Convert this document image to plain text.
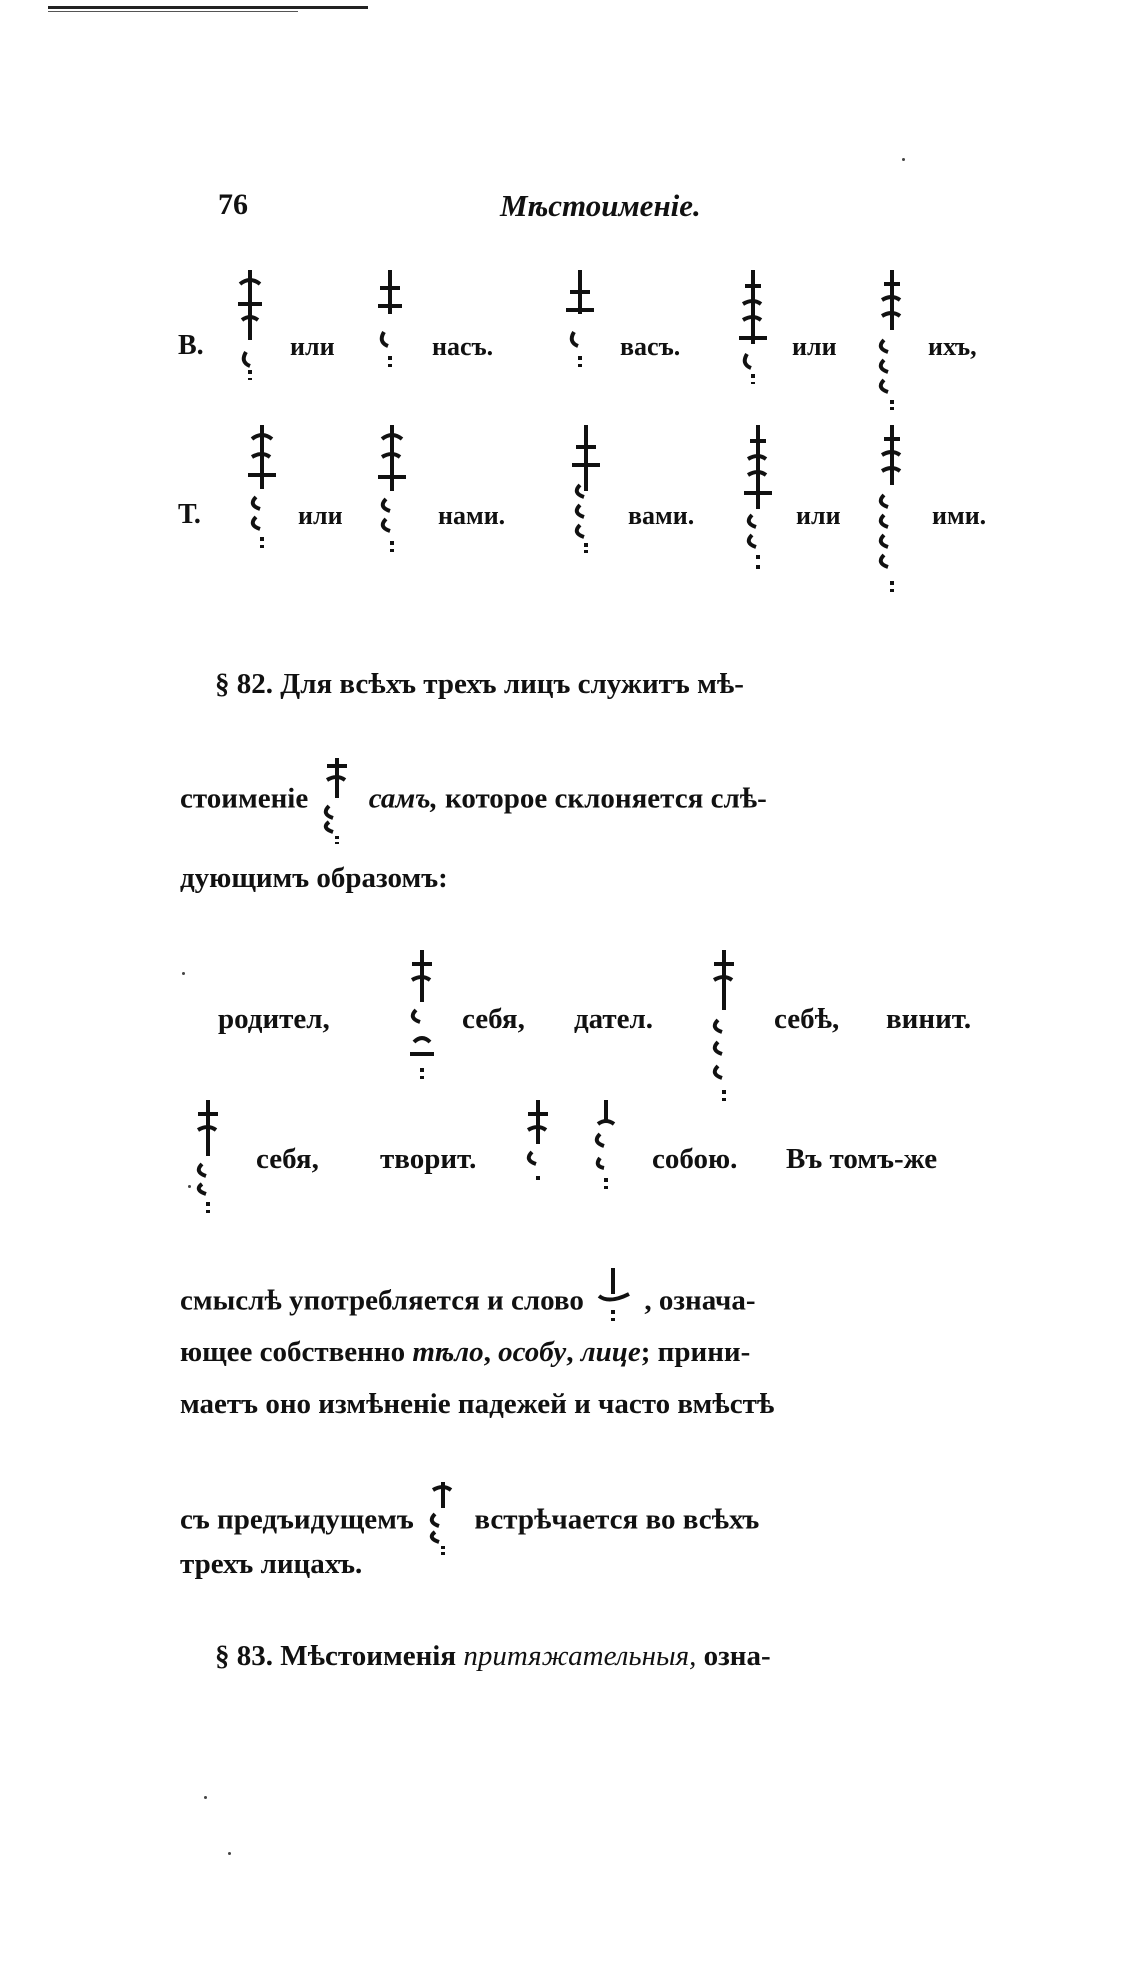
76	Мѣстоименіе.
В.	или	насъ.	васъ.	или	ихъ,
Т.	или	нами.	вами.	или	ими.
§ 82. Для всѣхъ трехъ лицъ служитъ мѣ-
стоименіе самъ, которое склоняется слѣ-
дующимъ образомъ:
родител,	себя, дател.	себѣ, винит.
себя, творит.	собою. Въ томъ-же
смыслѣ употребляется и слово , означа-
ющее собственно тѣло, особу, лице; прини-
маетъ оно измѣненіе падежей и часто вмѣстѣ
съ предъидущемъ встрѣчается во всѣхъ
трехъ лицахъ.
§ 83. Мѣстоименія притяжательныя, озна-
